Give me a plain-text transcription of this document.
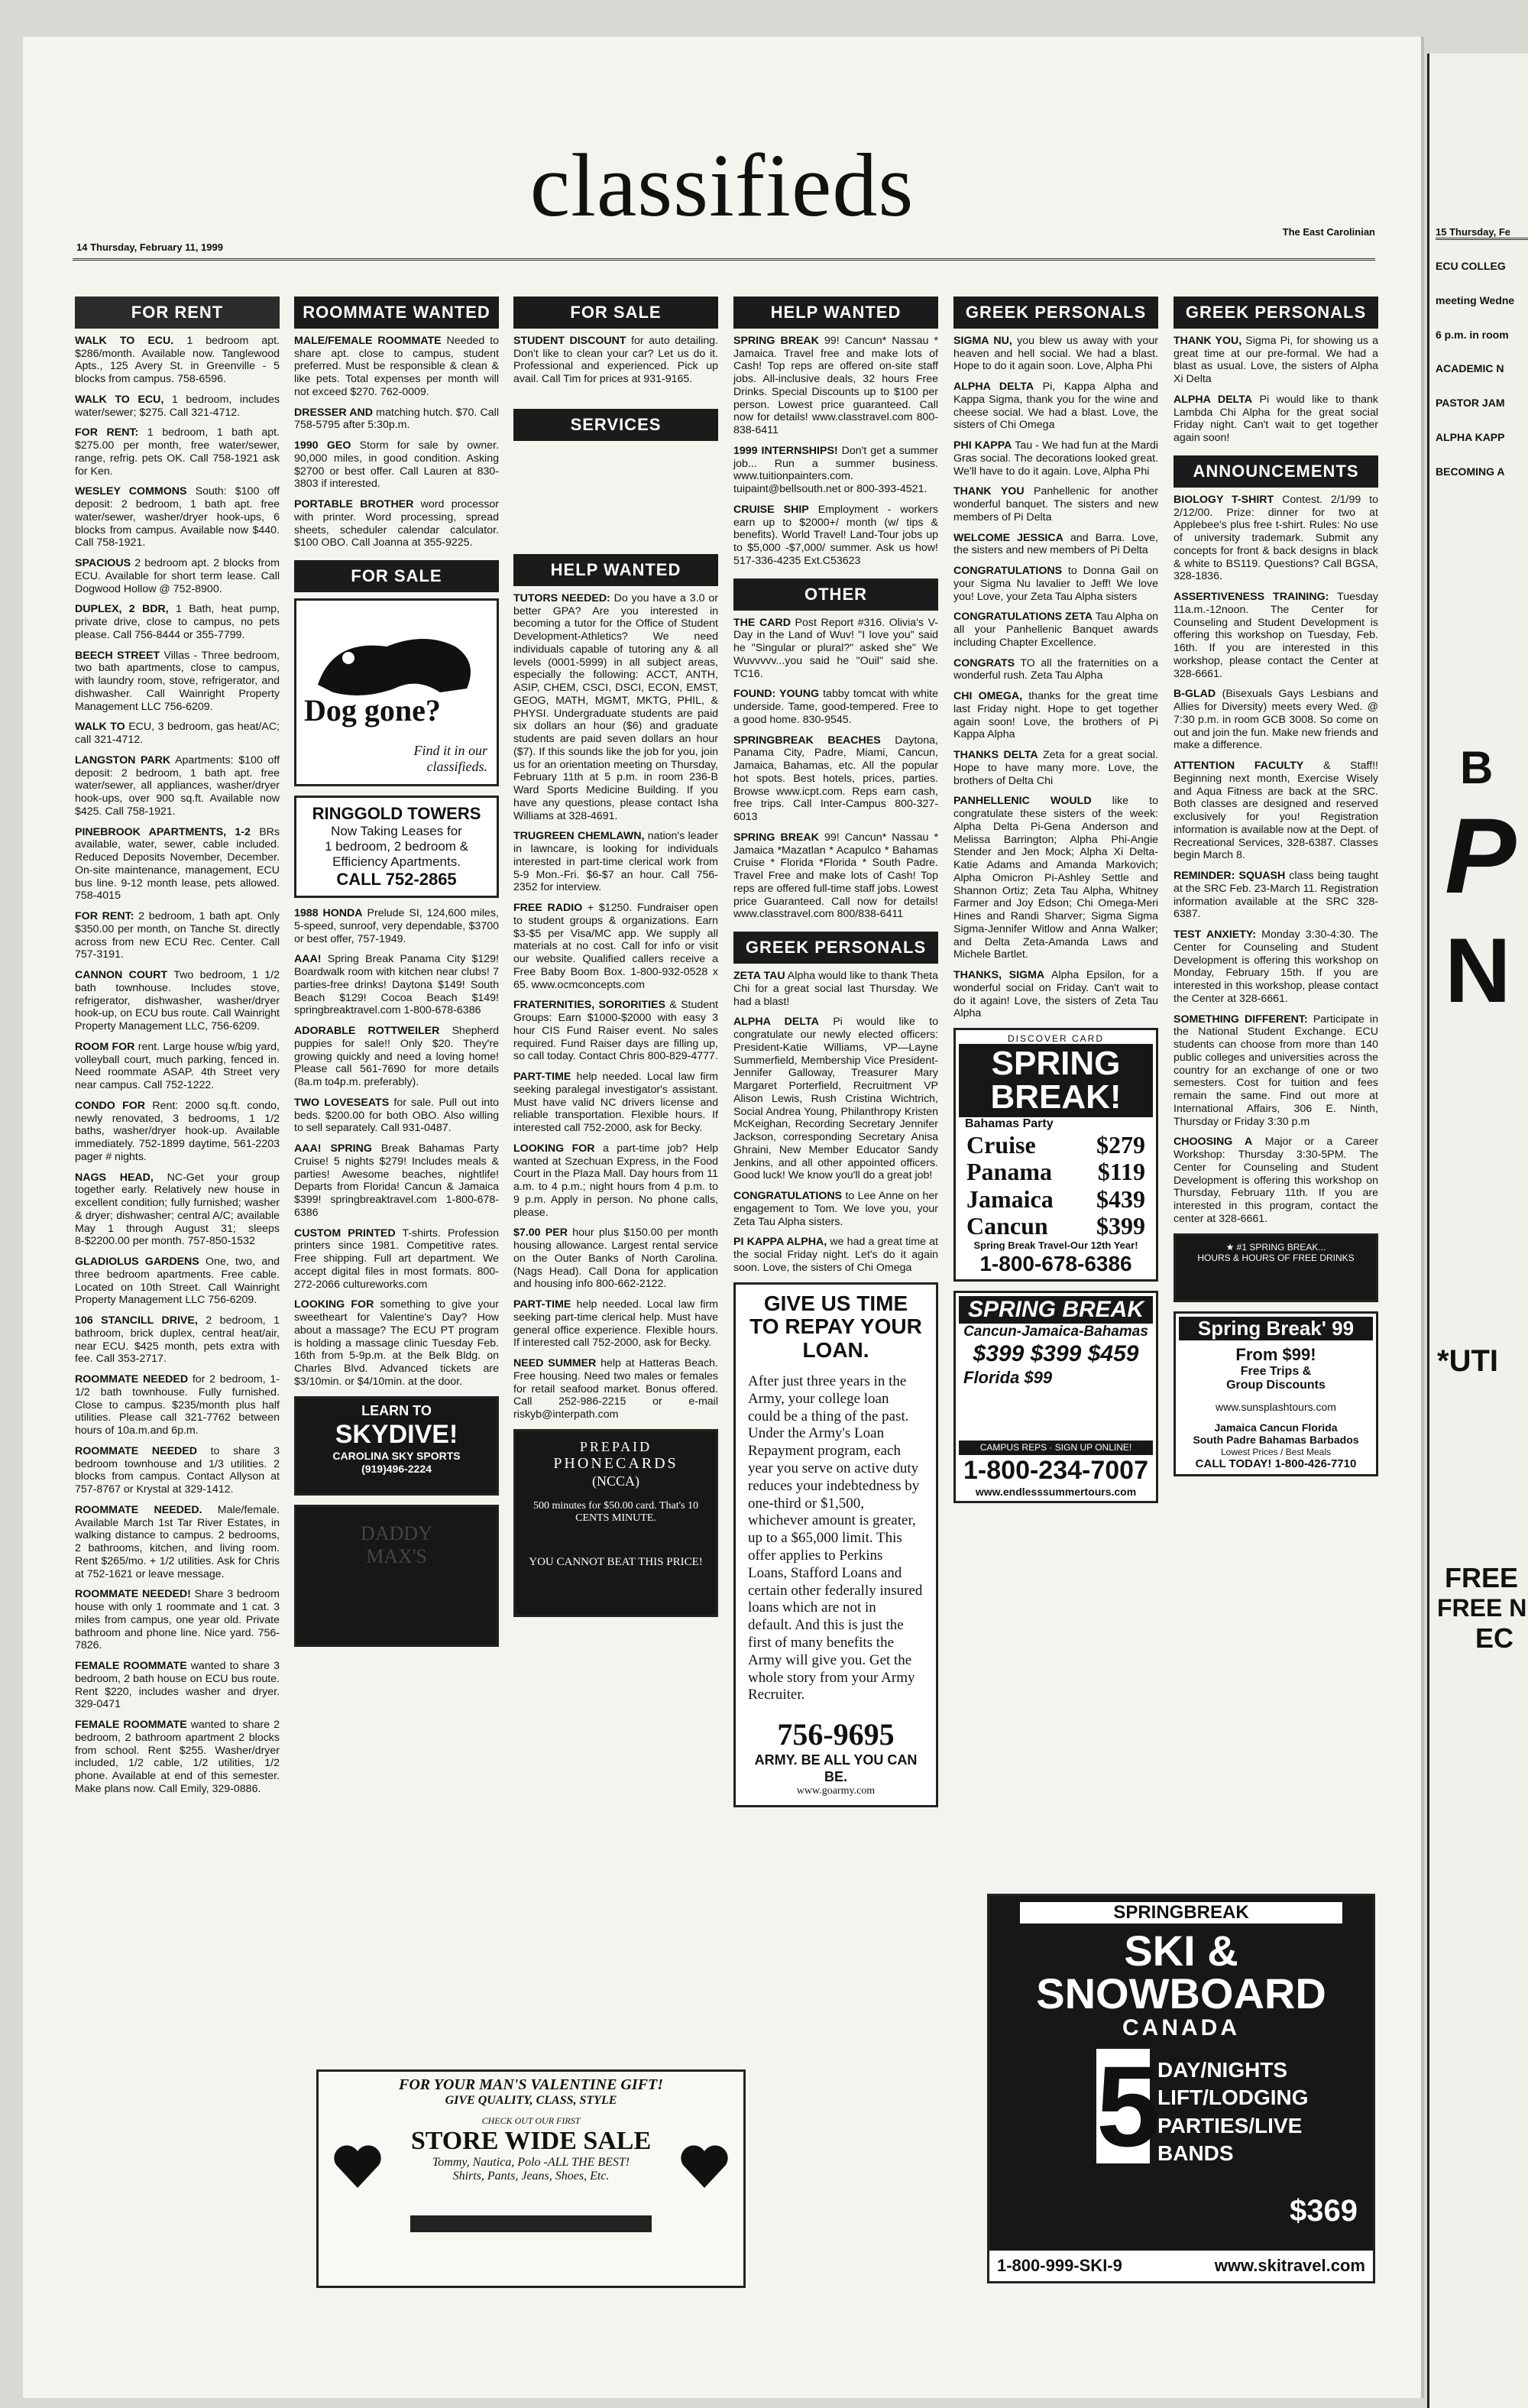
classifieds
14 Thursday, February 11, 1999
The East Carolinian
FOR RENT
WALK TO ECU. 1 bedroom apt. $286/month. Available now. Tanglewood Apts., 125 Avery St. in Greenville - 5 blocks from campus. 758-6596.
WALK TO ECU, 1 bedroom, includes water/sewer; $275. Call 321-4712.
FOR RENT: 1 bedroom, 1 bath apt. $275.00 per month, free water/sewer, range, refrig. pets OK. Call 758-1921 ask for Ken.
WESLEY COMMONS South: $100 off deposit: 2 bedroom, 1 bath apt. free water/sewer, washer/dryer hook-ups, 6 blocks from campus. Available now $440. Call 758-1921.
SPACIOUS 2 bedroom apt. 2 blocks from ECU. Available for short term lease. Call Dogwood Hollow @ 752-8900.
DUPLEX, 2 BDR, 1 Bath, heat pump, private drive, close to campus, no pets please. Call 756-8444 or 355-7799.
BEECH STREET Villas - Three bedroom, two bath apartments, close to campus, with laundry room, stove, refrigerator, and dishwasher. Call Wainright Property Management LLC 756-6209.
WALK TO ECU, 3 bedroom, gas heat/AC; call 321-4712.
LANGSTON PARK Apartments: $100 off deposit: 2 bedroom, 1 bath apt. free water/sewer, all appliances, washer/dryer hook-ups, over 900 sq.ft. Available now $425. Call 758-1921.
PINEBROOK APARTMENTS, 1-2 BRs available, water, sewer, cable included. Reduced Deposits November, December. On-site maintenance, management, ECU bus line. 9-12 month lease, pets allowed. 758-4015
FOR RENT: 2 bedroom, 1 bath apt. Only $350.00 per month, on Tanche St. directly across from new ECU Rec. Center. Call 757-3191.
CANNON COURT Two bedroom, 1 1/2 bath townhouse. Includes stove, refrigerator, dishwasher, washer/dryer hook-up, on ECU bus route. Call Wainright Property Management LLC, 756-6209.
ROOM FOR rent. Large house w/big yard, volleyball court, much parking, fenced in. Need roommate ASAP. 4th Street very near campus. Call 752-1222.
CONDO FOR Rent: 2000 sq.ft. condo, newly renovated, 3 bedrooms, 1 1/2 baths, washer/dryer hook-up. Available immediately. 752-1899 daytime, 561-2203 pager # nights.
NAGS HEAD, NC-Get your group together early. Relatively new house in excellent condition; fully furnished; washer & dryer; dishwasher; central A/C; available May 1 through August 31; sleeps 8-$2200.00 per month. 757-850-1532
GLADIOLUS GARDENS One, two, and three bedroom apartments. Free cable. Located on 10th Street. Call Wainright Property Management LLC 756-6209.
106 STANCILL DRIVE, 2 bedroom, 1 bathroom, brick duplex, central heat/air, near ECU. $425 month, pets extra with fee. Call 353-2717.
ROOMMATE NEEDED for 2 bedroom, 1-1/2 bath townhouse. Fully furnished. Close to campus. $235/month plus half utilities. Please call 321-7762 between hours of 10a.m.and 6p.m.
ROOMMATE NEEDED to share 3 bedroom townhouse and 1/3 utilities. 2 blocks from campus. Contact Allyson at 757-8767 or Krystal at 329-1412.
ROOMMATE NEEDED. Male/female. Available March 1st Tar River Estates, in walking distance to campus. 2 bedrooms, 2 bathrooms, kitchen, and living room. Rent $265/mo. + 1/2 utilities. Ask for Chris at 752-1621 or leave message.
ROOMMATE NEEDED! Share 3 bedroom house with only 1 roommate and 1 cat. 3 miles from campus, one year old. Private bathroom and phone line. Nice yard. 756-7826.
FEMALE ROOMMATE wanted to share 3 bedroom, 2 bath house on ECU bus route. Rent $220, includes washer and dryer. 329-0471
FEMALE ROOMMATE wanted to share 2 bedroom, 2 bathroom apartment 2 blocks from school. Rent $255. Washer/dryer included, 1/2 cable, 1/2 utilities, 1/2 phone. Available at end of this semester. Make plans now. Call Emily, 329-0886.
ROOMMATE WANTED
MALE/FEMALE ROOMMATE Needed to share apt. close to campus, student preferred. Must be responsible & clean & like pets. Total expenses per month will not exceed $270. 762-0009.
DRESSER AND matching hutch. $70. Call 758-5795 after 5:30p.m.
1990 GEO Storm for sale by owner. 90,000 miles, in good condition. Asking $2700 or best offer. Call Lauren at 830-3803 if interested.
PORTABLE BROTHER word processor with printer. Word processing, spread sheets, scheduler calendar calculator. $100 OBO. Call Joanna at 355-9225.
FOR SALE
Dog gone?
Find it in our classifieds.
RINGGOLD TOWERS
Now Taking Leases for
1 bedroom, 2 bedroom &
Efficiency Apartments.
CALL 752-2865
1988 HONDA Prelude SI, 124,600 miles, 5-speed, sunroof, very dependable, $3700 or best offer, 757-1949.
AAA! Spring Break Panama City $129! Boardwalk room with kitchen near clubs! 7 parties-free drinks! Daytona $149! South Beach $129! Cocoa Beach $149! springbreaktravel.com 1-800-678-6386
ADORABLE ROTTWEILER Shepherd puppies for sale!! Only $20. They're growing quickly and need a loving home! Please call 561-7690 for more details (8a.m to4p.m. preferably).
TWO LOVESEATS for sale. Pull out into beds. $200.00 for both OBO. Also willing to sell separately. Call 931-0487.
AAA! SPRING Break Bahamas Party Cruise! 5 nights $279! Includes meals & parties! Awesome beaches, nightlife! Departs from Florida! Cancun & Jamaica $399! springbreaktravel.com 1-800-678-6386
CUSTOM PRINTED T-shirts. Profession printers since 1981. Competitive rates. Free shipping. Full art department. We accept digital files in most formats. 800-272-2066 cultureworks.com
LOOKING FOR something to give your sweetheart for Valentine's Day? How about a massage? The ECU PT program is holding a massage clinic Tuesday Feb. 16th from 5-9p.m. at the Belk Bldg. on Charles Blvd. Advanced tickets are $3/10min. or $4/10min. at the door.
LEARN TO
SKYDIVE!
CAROLINA SKY SPORTS
(919)496-2224
DADDY
MAX'S
FOR SALE
STUDENT DISCOUNT for auto detailing. Don't like to clean your car? Let us do it. Professional and experienced. Pick up avail. Call Tim for prices at 931-9165.
SERVICES
HELP WANTED
TUTORS NEEDED: Do you have a 3.0 or better GPA? Are you interested in becoming a tutor for the Office of Student Development-Athletics? We need individuals capable of tutoring any & all levels (0001-5999) in all subject areas, especially the following: ACCT, ANTH, ASIP, CHEM, CSCI, DSCI, ECON, EMST, GEOG, MATH, MGMT, MKTG, PHIL, & PHYSI. Undergraduate students are paid six dollars an hour ($6) and graduate students are paid seven dollars an hour ($7). If this sounds like the job for you, join us for an orientation meeting on Thursday, February 11th at 5 p.m. in room 236-B Ward Sports Medicine Building. If you have any questions, please contact Isha Williams at 328-4691.
TRUGREEN CHEMLAWN, nation's leader in lawncare, is looking for individuals interested in part-time clerical work from 5-9 Mon.-Fri. $6-$7 an hour. Call 756-2352 for interview.
FREE RADIO + $1250. Fundraiser open to student groups & organizations. Earn $3-$5 per Visa/MC app. We supply all materials at no cost. Call for info or visit our website. Qualified callers receive a Free Baby Boom Box. 1-800-932-0528 x 65. www.ocmconcepts.com
FRATERNITIES, SORORITIES & Student Groups: Earn $1000-$2000 with easy 3 hour CIS Fund Raiser event. No sales required. Fund Raiser days are filling up, so call today. Contact Chris 800-829-4777.
PART-TIME help needed. Local law firm seeking paralegal investigator's assistant. Must have valid NC drivers license and reliable transportation. Flexible hours. If interested call 752-2000, ask for Becky.
LOOKING FOR a part-time job? Help wanted at Szechuan Express, in the Food Court in the Plaza Mall. Day hours from 11 a.m. to 4 p.m.; night hours from 4 p.m. to 9 p.m. Apply in person. No phone calls, please.
$7.00 PER hour plus $150.00 per month housing allowance. Largest rental service on the Outer Banks of North Carolina. (Nags Head). Call Dona for application and housing info 800-662-2122.
PART-TIME help needed. Local law firm seeking part-time clerical help. Must have general office experience. Flexible hours. If interested call 752-2000, ask for Becky.
NEED SUMMER help at Hatteras Beach. Free housing. Need two males or females for retail seafood market. Bonus offered. Call 252-986-2215 or e-mail riskyb@interpath.com
PREPAID
PHONECARDS
(NCCA)
500 minutes for $50.00 card. That's 10 CENTS MINUTE.
YOU CANNOT BEAT THIS PRICE!
HELP WANTED
SPRING BREAK 99! Cancun* Nassau * Jamaica. Travel free and make lots of Cash! Top reps are offered on-site staff jobs. All-inclusive deals, 32 hours Free Drinks. Special Discounts up to $100 per person. Lowest price guaranteed. Call now for details! www.classtravel.com 800-838-6411
1999 INTERNSHIPS! Don't get a summer job... Run a summer business. www.tuitionpainters.com. tuipaint@bellsouth.net or 800-393-4521.
CRUISE SHIP Employment - workers earn up to $2000+/ month (w/ tips & benefits). World Travel! Land-Tour jobs up to $5,000 -$7,000/ summer. Ask us how! 517-336-4235 Ext.C53623
OTHER
THE CARD Post Report #316. Olivia's V-Day in the Land of Wuv! "I love you" said he "Singular or plural?" asked she" We Wuvvvvv...you said he "Ouil" said she. TC16.
FOUND: YOUNG tabby tomcat with white underside. Tame, good-tempered. Free to a good home. 830-9545.
SPRINGBREAK BEACHES Daytona, Panama City, Padre, Miami, Cancun, Jamaica, Bahamas, etc. All the popular hot spots. Best hotels, prices, parties. Browse www.icpt.com. Reps earn cash, free trips. Call Inter-Campus 800-327-6013
SPRING BREAK 99! Cancun* Nassau * Jamaica *Mazatlan * Acapulco * Bahamas Cruise * Florida *Florida * South Padre. Travel Free and make lots of Cash! Top reps are offered full-time staff jobs. Lowest price Guaranteed. Call now for details! www.classtravel.com 800/838-6411
GREEK PERSONALS
ZETA TAU Alpha would like to thank Theta Chi for a great social last Thursday. We had a blast!
ALPHA DELTA Pi would like to congratulate our newly elected officers: President-Katie Williams, VP—Layne Summerfield, Membership Vice President- Jennifer Galloway, Treasurer Mary Margaret Porterfield, Recruitment VP Alison Lewis, Rush Cristina Wichtrich, Social Andrea Young, Philanthropy Kristen McKeighan, Recording Secretary Jennifer Jackson, corresponding Secretary Anisa Ghraini, New Member Educator Sandy Jenkins, and all other appointed officers. Good luck! We know you'll do a great job!
CONGRATULATIONS to Lee Anne on her engagement to Tom. We love you, your Zeta Tau Alpha sisters.
PI KAPPA ALPHA, we had a great time at the social Friday night. Let's do it again soon. Love, the sisters of Chi Omega
GIVE US TIME TO REPAY YOUR LOAN.
After just three years in the Army, your college loan could be a thing of the past. Under the Army's Loan Repayment program, each year you serve on active duty reduces your indebtedness by one-third or $1,500, whichever amount is greater, up to a $65,000 limit. This offer applies to Perkins Loans, Stafford Loans and certain other federally insured loans which are not in default. And this is just the first of many benefits the Army will give you. Get the whole story from your Army Recruiter.
756-9695
ARMY. BE ALL YOU CAN BE.
www.goarmy.com
GREEK PERSONALS
SIGMA NU, you blew us away with your heaven and hell social. We had a blast. Hope to do it again soon. Love, Alpha Phi
ALPHA DELTA Pi, Kappa Alpha and Kappa Sigma, thank you for the wine and cheese social. We had a blast. Love, the sisters of Chi Omega
PHI KAPPA Tau - We had fun at the Mardi Gras social. The decorations looked great. We'll have to do it again. Love, Alpha Phi
THANK YOU Panhellenic for another wonderful banquet. The sisters and new members of Pi Delta
WELCOME JESSICA and Barra. Love, the sisters and new members of Pi Delta
CONGRATULATIONS to Donna Gail on your Sigma Nu lavalier to Jeff! We love you! Love, your Zeta Tau Alpha sisters
CONGRATULATIONS ZETA Tau Alpha on all your Panhellenic Banquet awards including Chapter Excellence.
CONGRATS TO all the fraternities on a wonderful rush. Zeta Tau Alpha
CHI OMEGA, thanks for the great time last Friday night. Hope to get together again soon! Love, the brothers of Pi Kappa Alpha
THANKS DELTA Zeta for a great social. Hope to have many more. Love, the brothers of Delta Chi
PANHELLENIC WOULD like to congratulate these sisters of the week: Alpha Delta Pi-Gena Anderson and Melissa Barrington; Alpha Phi-Angie Stender and Jen Mock; Alpha Xi Delta-Katie Adams and Amanda Markovich; Alpha Omicron Pi-Ashley Settle and Shannon Ortiz; Zeta Tau Alpha, Whitney Farmer and Joy Edson; Chi Omega-Meri Hines and Randi Sharver; Sigma Sigma Sigma-Jennifer Witlow and Anna Walker; and Delta Zeta-Amanda Laws and Michele Bartlet.
THANKS, SIGMA Alpha Epsilon, for a wonderful social on Friday. Can't wait to do it again! Love, the sisters of Zeta Tau Alpha
DISCOVER CARD
SPRING BREAK!
Bahamas Party
Cruise $279
Panama $119
Jamaica $439
Cancun $399
Spring Break Travel-Our 12th Year!
1-800-678-6386
SPRING BREAK
Cancun-Jamaica-Bahamas
$399 $399 $459
Florida $99
CAMPUS REPS · SIGN UP ONLINE!
1-800-234-7007
www.endlesssummertours.com
GREEK PERSONALS
THANK YOU, Sigma Pi, for showing us a great time at our pre-formal. We had a blast as usual. Love, the sisters of Alpha Xi Delta
ALPHA DELTA Pi would like to thank Lambda Chi Alpha for the great social Friday night. Can't wait to get together again soon!
ANNOUNCEMENTS
BIOLOGY T-SHIRT Contest. 2/1/99 to 2/12/00. Prize: dinner for two at Applebee's plus free t-shirt. Rules: No use of university trademark. Submit any concepts for front & back designs in black & white to BS119. Questions? Call BGSA, 328-1836.
ASSERTIVENESS TRAINING: Tuesday 11a.m.-12noon. The Center for Counseling and Student Development is offering this workshop on Tuesday, Feb. 16th. If you are interested in this workshop, please contact the Center at 328-6661.
B-GLAD (Bisexuals Gays Lesbians and Allies for Diversity) meets every Wed. @ 7:30 p.m. in room GCB 3008. So come on out and join the fun. Make new friends and make a difference.
ATTENTION FACULTY & Staff!! Beginning next month, Exercise Wisely and Aqua Fitness are back at the SRC. Both classes are designed and reserved exclusively for you! Registration information is available now at the Dept. of Recreational Services, 328-6387. Classes begin March 8.
REMINDER: SQUASH class being taught at the SRC Feb. 23-March 11. Registration information available at the SRC 328-6387.
TEST ANXIETY: Monday 3:30-4:30. The Center for Counseling and Student Development is offering this workshop on Monday, February 15th. If you are interested in this workshop, please contact the Center at 328-6661.
SOMETHING DIFFERENT: Participate in the National Student Exchange. ECU students can choose from more than 140 public colleges and universities across the country for an exchange of one or two semesters. Cost for tuition and fees remain the same. Find out more at International Affairs, 306 E. Ninth, Thursday or Friday 3:30 p.m
CHOOSING A Major or a Career Workshop: Thursday 3:30-5PM. The Center for Counseling and Student Development is offering this workshop on Thursday, February 11th. If you are interested in this program, contact the center at 328-6661.
★ #1 SPRING BREAK...
HOURS & HOURS OF FREE DRINKS
Spring Break' 99
From $99!
Free Trips &
Group Discounts
www.sunsplashtours.com
Jamaica Cancun Florida
South Padre Bahamas Barbados
Lowest Prices / Best Meals
CALL TODAY! 1-800-426-7710
FOR YOUR MAN'S VALENTINE GIFT!
GIVE QUALITY, CLASS, STYLE
CHECK OUT OUR FIRST
STORE WIDE SALE
Tommy, Nautica, Polo -ALL THE BEST!
Shirts, Pants, Jeans, Shoes, Etc.
SPRINGBREAK
SKI & SNOWBOARD
CANADA
5
DAY/NIGHTS
LIFT/LODGING
PARTIES/LIVE BANDS
$369
1-800-999-SKI-9	www.skitravel.com
15 Thursday, Fe
ECU COLLEG
meeting Wedne
6 p.m. in room
ACADEMIC N
PASTOR JAM
ALPHA KAPP
BECOMING A
B
P
N
*UTI
FREE
FREE N
EC
